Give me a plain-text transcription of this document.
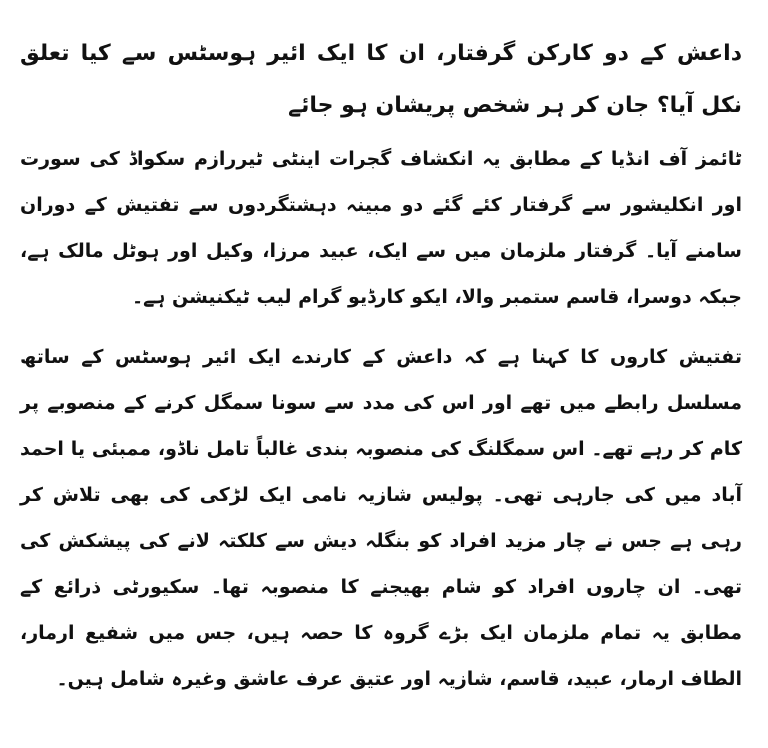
داعش کے دو کارکن گرفتار، ان کا ایک ائیر ہوسٹس سے کیا تعلق نکل آیا؟ جان کر ہر شخص پریشان ہو جائے

ٹائمز آف انڈیا کے مطابق یہ انکشاف گجرات اینٹی ٹیررازم سکواڈ کی سورت اور انکلیشور سے گرفتار کئے گئے دو مبینہ دہشتگردوں سے تفتیش کے دوران سامنے آیا۔ گرفتار ملزمان میں سے ایک، عبید مرزا، وکیل اور ہوٹل مالک ہے، جبکہ دوسرا، قاسم ستمبر والا، ایکو کارڈیو گرام لیب ٹیکنیشن ہے۔

تفتیش کاروں کا کہنا ہے کہ داعش کے کارندے ایک ائیر ہوسٹس کے ساتھ مسلسل رابطے میں تھے اور اس کی مدد سے سونا سمگل کرنے کے منصوبے پر کام کر رہے تھے۔ اس سمگلنگ کی منصوبہ بندی غالباً تامل ناڈو، ممبئی یا احمد آباد میں کی جارہی تھی۔ پولیس شازیہ نامی ایک لڑکی کی بھی تلاش کر رہی ہے جس نے چار مزید افراد کو بنگلہ دیش سے کلکتہ لانے کی پیشکش کی تھی۔ ان چاروں افراد کو شام بھیجنے کا منصوبہ تھا۔ سکیورٹی ذرائع کے مطابق یہ تمام ملزمان ایک بڑے گروہ کا حصہ ہیں، جس میں شفیع ارمار، الطاف ارمار، عبید، قاسم، شازیہ اور عتیق عرف عاشق وغیرہ شامل ہیں۔
